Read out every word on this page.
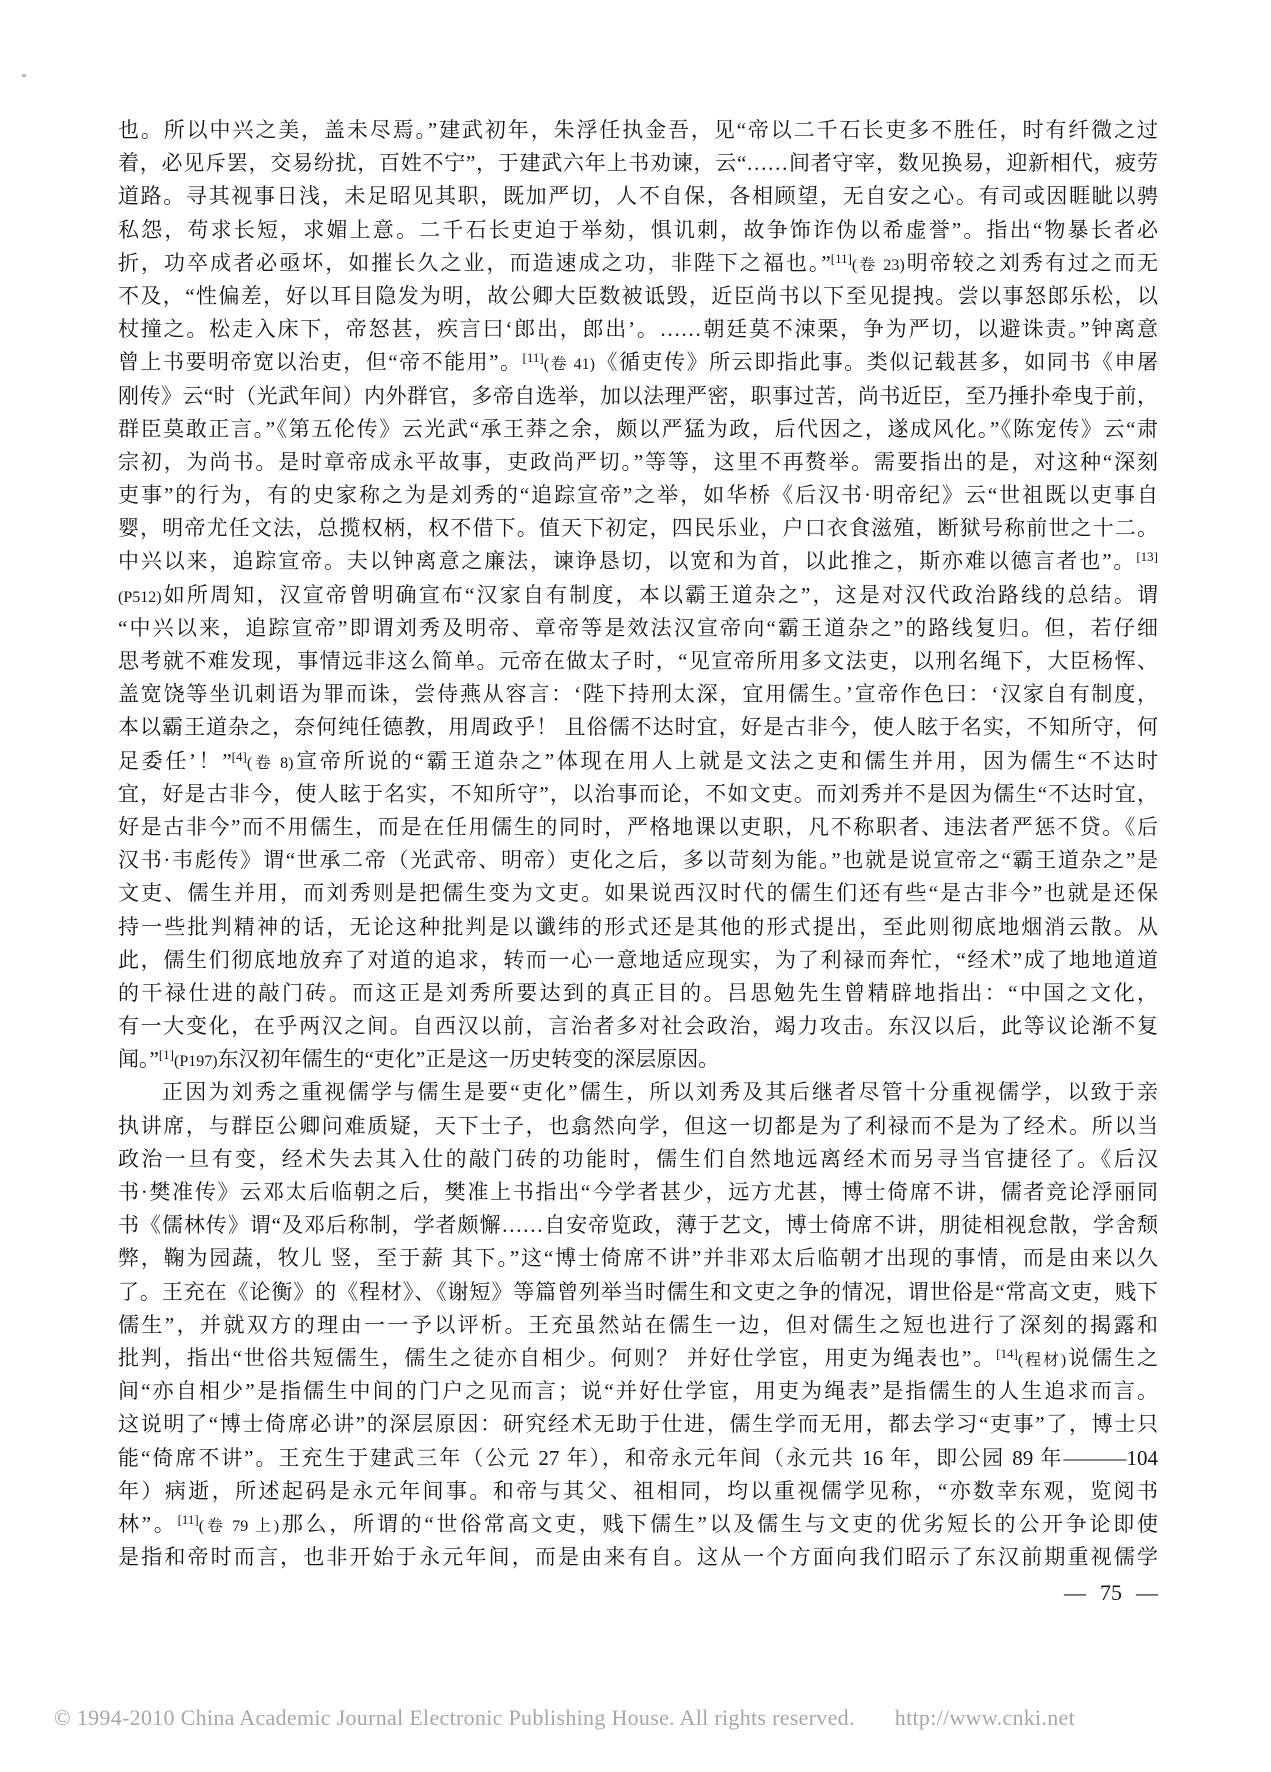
也。所以中兴之美，盖未尽焉。”建武初年，朱浮任执金吾，见“帝以二千石长吏多不胜任，时有纤微之过
着，必见斥罢，交易纷扰，百姓不宁”，于建武六年上书劝谏，云“……间者守宰，数见换易，迎新相代，疲劳
道路。寻其视事日浅，未足昭见其职，既加严切，人不自保，各相顾望，无自安之心。有司或因睚眦以骋
私怨，苟求长短，求媚上意。二千石长吏迫于举劾，惧讥刺，故争饰诈伪以希虚誉”。指出“物暴长者必
折，功卒成者必亟坏，如摧长久之业，而造速成之功，非陛下之福也。”[11](卷 23)明帝较之刘秀有过之而无
不及，“性偏差，好以耳目隐发为明，故公卿大臣数被诋毁，近臣尚书以下至见提拽。尝以事怒郎乐松，以
杖撞之。松走入床下，帝怒甚，疾言曰‘郎出，郎出’。……朝廷莫不涑栗，争为严切，以避诛责。”钟离意
曾上书要明帝宽以治吏，但“帝不能用”。[11](卷 41)《循吏传》所云即指此事。类似记载甚多，如同书《申屠
刚传》云“时（光武年间）内外群官，多帝自选举，加以法理严密，职事过苦，尚书近臣，至乃捶扑牵曳于前，
群臣莫敢正言。”《第五伦传》云光武“承王莽之余，颇以严猛为政，后代因之，遂成风化。”《陈宠传》云“肃
宗初，为尚书。是时章帝成永平故事，吏政尚严切。”等等，这里不再赘举。需要指出的是，对这种“深刻
吏事”的行为，有的史家称之为是刘秀的“追踪宣帝”之举，如华桥《后汉书·明帝纪》云“世祖既以吏事自
婴，明帝尤任文法，总揽权柄，权不借下。值天下初定，四民乐业，户口衣食滋殖，断狱号称前世之十二。
中兴以来，追踪宣帝。夫以钟离意之廉法，谏诤恳切，以宽和为首，以此推之，斯亦难以德言者也”。[13]
(P512)如所周知，汉宣帝曾明确宣布“汉家自有制度，本以霸王道杂之”，这是对汉代政治路线的总结。谓
“中兴以来，追踪宣帝”即谓刘秀及明帝、章帝等是效法汉宣帝向“霸王道杂之”的路线复归。但，若仔细
思考就不难发现，事情远非这么简单。元帝在做太子时，“见宣帝所用多文法吏，以刑名绳下，大臣杨恽、
盖宽饶等坐讥刺语为罪而诛，尝侍燕从容言：‘陛下持刑太深，宜用儒生。’宣帝作色曰：‘汉家自有制度，
本以霸王道杂之，奈何纯任德教，用周政乎！ 且俗儒不达时宜，好是古非今，使人眩于名实，不知所守，何
足委任’！”[4](卷 8)宣帝所说的“霸王道杂之”体现在用人上就是文法之吏和儒生并用，因为儒生“不达时
宜，好是古非今，使人眩于名实，不知所守”，以治事而论，不如文吏。而刘秀并不是因为儒生“不达时宜，
好是古非今”而不用儒生，而是在任用儒生的同时，严格地课以吏职，凡不称职者、违法者严惩不贷。《后
汉书·韦彪传》谓“世承二帝（光武帝、明帝）吏化之后，多以苛刻为能。”也就是说宣帝之“霸王道杂之”是
文吏、儒生并用，而刘秀则是把儒生变为文吏。如果说西汉时代的儒生们还有些“是古非今”也就是还保
持一些批判精神的话，无论这种批判是以谶纬的形式还是其他的形式提出，至此则彻底地烟消云散。从
此，儒生们彻底地放弃了对道的追求，转而一心一意地适应现实，为了利禄而奔忙，“经术”成了地地道道
的干禄仕进的敲门砖。而这正是刘秀所要达到的真正目的。吕思勉先生曾精辟地指出：“中国之文化，
有一大变化，在乎两汉之间。自西汉以前，言治者多对社会政治，竭力攻击。东汉以后，此等议论渐不复
闻。”[1](P197)东汉初年儒生的“吏化”正是这一历史转变的深层原因。
正因为刘秀之重视儒学与儒生是要“吏化”儒生，所以刘秀及其后继者尽管十分重视儒学，以致于亲
执讲席，与群臣公卿问难质疑，天下士子，也翕然向学，但这一切都是为了利禄而不是为了经术。所以当
政治一旦有变，经术失去其入仕的敲门砖的功能时，儒生们自然地远离经术而另寻当官捷径了。《后汉
书·樊准传》云邓太后临朝之后，樊准上书指出“今学者甚少，远方尤甚，博士倚席不讲，儒者竞论浮丽同
书《儒林传》谓“及邓后称制，学者颇懈……自安帝览政，薄于艺文，博士倚席不讲，朋徒相视怠散，学舍颓
弊，鞠为园蔬，牧儿 竖，至于薪 其下。”这“博士倚席不讲”并非邓太后临朝才出现的事情，而是由来以久
了。王充在《论衡》的《程材》、《谢短》等篇曾列举当时儒生和文吏之争的情况，谓世俗是“常高文吏，贱下
儒生”，并就双方的理由一一予以评析。王充虽然站在儒生一边，但对儒生之短也进行了深刻的揭露和
批判，指出“世俗共短儒生，儒生之徒亦自相少。何则？ 并好仕学宦，用吏为绳表也”。[14](程材)说儒生之
间“亦自相少”是指儒生中间的门户之见而言；说“并好仕学宦，用吏为绳表”是指儒生的人生追求而言。
这说明了“博士倚席必讲”的深层原因：研究经术无助于仕进，儒生学而无用，都去学习“吏事”了，博士只
能“倚席不讲”。王充生于建武三年（公元 27 年），和帝永元年间（永元共 16 年，即公园 89 年———104
年）病逝，所述起码是永元年间事。和帝与其父、祖相同，均以重视儒学见称，“亦数幸东观，览阅书
林”。[11](卷 79 上)那么，所谓的“世俗常高文吏，贱下儒生”以及儒生与文吏的优劣短长的公开争论即使
是指和帝时而言，也非开始于永元年间，而是由来有自。这从一个方面向我们昭示了东汉前期重视儒学
— 75 —
© 1994-2010 China Academic Journal Electronic Publishing House. All rights reserved. http://www.cnki.net
